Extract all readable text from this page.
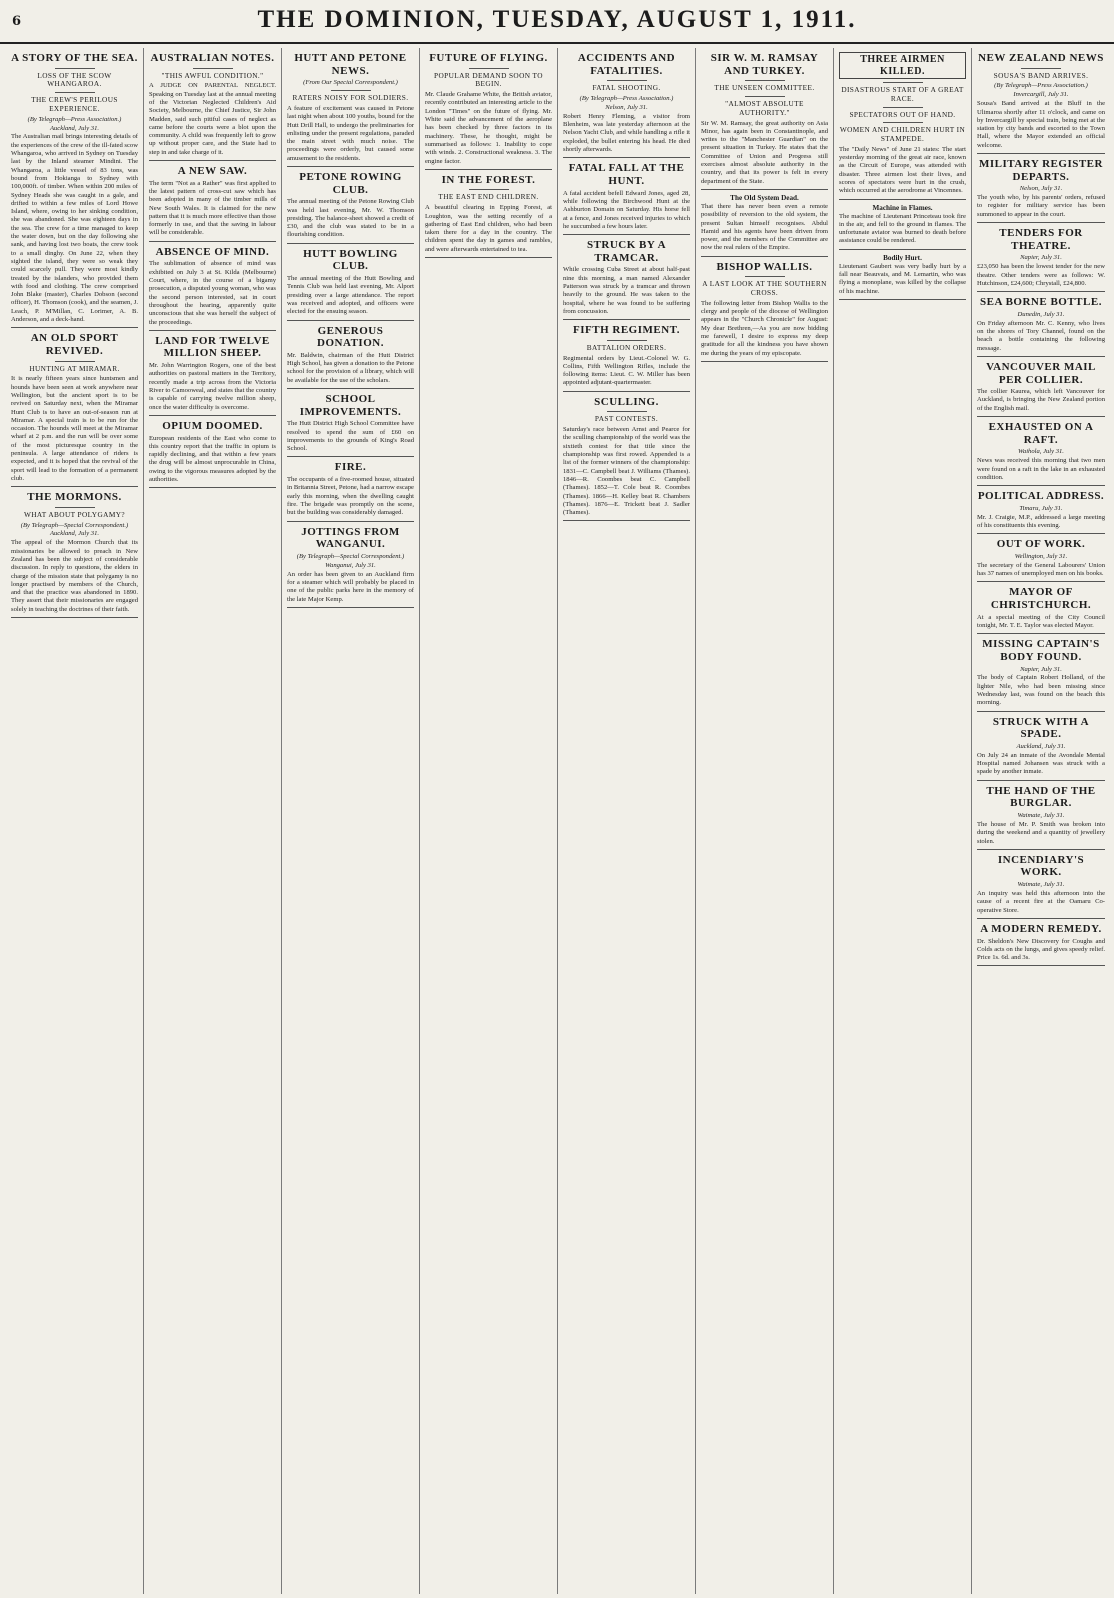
6	THE DOMINION, TUESDAY, AUGUST 1, 1911.
A STORY OF THE SEA.
LOSS OF THE SCOW WHANGAROA.
THE CREW'S PERILOUS EXPERIENCE.
(By Telegraph—Press Association.)
Auckland, July 31.
The Australian mail brings interesting details of the experiences of the crew of the ill-fated scow Whangaroa, who arrived in Sydney on Tuesday last by the Inland steamer Mindini. The Whangaroa, a little vessel of 83 tons, was bound from Hokianga to Sydney with 100,000ft. of timber. When within 200 miles of Sydney Heads she was caught in a gale, and drifted to within a few miles of Lord Howe Island, where, owing to her sinking condition, she was abandoned. She was eighteen days in the sea. The crew for a time managed to keep the water down, but on the day following she sank, and having lost two boats, the crew took to a small dinghy. On June 22, when they sighted the island, they were so weak they could scarcely pull. They were most kindly treated by the islanders, who provided them with food and clothing. The crew comprised John Blake (master), Charles Dobson (second officer), H. Thomson (cook), and the seamen, J. Leach, P. M'Millan, C. Lorimer, A. B. Anderson, and a deck-hand.
AN OLD SPORT REVIVED.
HUNTING AT MIRAMAR.
It is nearly fifteen years since huntsmen and hounds have been seen at work anywhere near Wellington, but the ancient sport is to be revived on Saturday next, when the Miramar Hunt Club is to have an out-of-season run at Miramar. A special train is to be run for the occasion. The hounds will meet at the Miramar wharf at 2 p.m. and the run will be over some of the most picturesque country in the peninsula. A large attendance of riders is expected, and it is hoped that the revival of the sport will lead to the formation of a permanent club.
THE MORMONS.
WHAT ABOUT POLYGAMY?
(By Telegraph—Special Correspondent.)
Auckland, July 31.
The appeal of the Mormon Church that its missionaries be allowed to preach in New Zealand has been the subject of considerable discussion. In reply to questions, the elders in charge of the mission state that polygamy is no longer practised by members of the Church, and that the practice was abandoned in 1890. They assert that their missionaries are engaged solely in teaching the doctrines of their faith.
AUSTRALIAN NOTES.
"THIS AWFUL CONDITION."
A JUDGE ON PARENTAL NEGLECT. Speaking on Tuesday last at the annual meeting of the Victorian Neglected Children's Aid Society, Melbourne, the Chief Justice, Sir John Madden, said such pitiful cases of neglect as came before the courts were a blot upon the community. A child was frequently left to grow up without proper care, and the State had to step in and take charge of it.
A NEW SAW.
The term "Not as a Rather" was first applied to the latest pattern of cross-cut saw which has been adopted in many of the timber mills of New South Wales. It is claimed for the new pattern that it is much more effective than those formerly in use, and that the saving in labour will be considerable.
ABSENCE OF MIND.
The sublimation of absence of mind was exhibited on July 3 at St. Kilda (Melbourne) Court, where, in the course of a bigamy prosecution, a disputed young woman, who was the second person interested, sat in court throughout the hearing, apparently quite unconscious that she was herself the subject of the proceedings.
LAND FOR TWELVE MILLION SHEEP.
Mr. John Warrington Rogers, one of the best authorities on pastoral matters in the Territory, recently made a trip across from the Victoria River to Camooweal, and states that the country is capable of carrying twelve million sheep, once the water difficulty is overcome.
OPIUM DOOMED.
European residents of the East who come to this country report that the traffic in opium is rapidly declining, and that within a few years the drug will be almost unprocurable in China, owing to the vigorous measures adopted by the authorities.
HUTT AND PETONE NEWS.
(From Our Special Correspondent.)
RATERS NOISY FOR SOLDIERS.
A feature of excitement was caused in Petone last night when about 100 youths, bound for the Hutt Drill Hall, to undergo the preliminaries for enlisting under the present regulations, paraded the main street with much noise. The proceedings were orderly, but caused some amusement to the residents.
PETONE ROWING CLUB.
The annual meeting of the Petone Rowing Club was held last evening, Mr. W. Thomson presiding. The balance-sheet showed a credit of £30, and the club was stated to be in a flourishing condition.
HUTT BOWLING CLUB.
The annual meeting of the Hutt Bowling and Tennis Club was held last evening, Mr. Alport presiding over a large attendance. The report was received and adopted, and officers were elected for the ensuing season.
GENEROUS DONATION.
Mr. Baldwin, chairman of the Hutt District High School, has given a donation to the Petone school for the provision of a library, which will be available for the use of the scholars.
SCHOOL IMPROVEMENTS.
The Hutt District High School Committee have resolved to spend the sum of £60 on improvements to the grounds of King's Road School.
FIRE.
The occupants of a five-roomed house, situated in Britannia Street, Petone, had a narrow escape early this morning, when the dwelling caught fire. The brigade was promptly on the scene, but the building was considerably damaged.
JOTTINGS FROM WANGANUI.
(By Telegraph—Special Correspondent.)
Wanganui, July 31.
An order has been given to an Auckland firm for a steamer which will probably be placed in one of the public parks here in the memory of the late Major Kemp.
FUTURE OF FLYING.
POPULAR DEMAND SOON TO BEGIN.
Mr. Claude Grahame White, the British aviator, recently contributed an interesting article to the London "Times" on the future of flying. Mr. White said the advancement of the aeroplane has been checked by three factors in its machinery. These, he thought, might be summarised as follows: 1. Inability to cope with winds. 2. Constructional weakness. 3. The engine factor.
IN THE FOREST.
THE EAST END CHILDREN.
A beautiful clearing in Epping Forest, at Loughton, was the setting recently of a gathering of East End children, who had been taken there for a day in the country. The children spent the day in games and rambles, and were afterwards entertained to tea.
ACCIDENTS AND FATALITIES.
FATAL SHOOTING.
(By Telegraph—Press Association.)
Nelson, July 31.
Robert Henry Fleming, a visitor from Blenheim, was late yesterday afternoon at the Nelson Yacht Club, and while handling a rifle it exploded, the bullet entering his head. He died shortly afterwards.
FATAL FALL AT THE HUNT.
A fatal accident befell Edward Jones, aged 28, while following the Birchwood Hunt at the Ashburton Domain on Saturday. His horse fell at a fence, and Jones received injuries to which he succumbed a few hours later.
STRUCK BY A TRAMCAR.
While crossing Cuba Street at about half-past nine this morning, a man named Alexander Patterson was struck by a tramcar and thrown heavily to the ground. He was taken to the hospital, where he was found to be suffering from concussion.
FIFTH REGIMENT.
BATTALION ORDERS.
Regimental orders by Lieut.-Colonel W. G. Collins, Fifth Wellington Rifles, include the following items: Lieut. C. W. Miller has been appointed adjutant-quartermaster.
SCULLING.
PAST CONTESTS.
Saturday's race between Arnst and Pearce for the sculling championship of the world was the sixtieth contest for that title since the championship was first rowed. Appended is a list of the former winners of the championship: 1831—C. Campbell beat J. Williams (Thames). 1846—R. Coombes beat C. Campbell (Thames). 1852—T. Cole beat R. Coombes (Thames). 1866—H. Kelley beat R. Chambers (Thames). 1876—E. Trickett beat J. Sadler (Thames).
SIR W. M. RAMSAY AND TURKEY.
THE UNSEEN COMMITTEE.
"ALMOST ABSOLUTE AUTHORITY."
Sir W. M. Ramsay, the great authority on Asia Minor, has again been in Constantinople, and writes to the "Manchester Guardian" on the present situation in Turkey. He states that the Committee of Union and Progress still exercises almost absolute authority in the country, and that its power is felt in every department of the State.
The Old System Dead.
That there has never been even a remote possibility of reversion to the old system, the present Sultan himself recognises. Abdul Hamid and his agents have been driven from power, and the members of the Committee are now the real rulers of the Empire.
BISHOP WALLIS.
A LAST LOOK AT THE SOUTHERN CROSS.
The following letter from Bishop Wallis to the clergy and people of the diocese of Wellington appears in the "Church Chronicle" for August: My dear Brethren,—As you are now bidding me farewell, I desire to express my deep gratitude for all the kindness you have shown me during the years of my episcopate.
THREE AIRMEN KILLED.
DISASTROUS START OF A GREAT RACE.
SPECTATORS OUT OF HAND.
WOMEN AND CHILDREN HURT IN STAMPEDE.
The "Daily News" of June 21 states: The start yesterday morning of the great air race, known as the Circuit of Europe, was attended with disaster. Three airmen lost their lives, and scores of spectators were hurt in the crush, which occurred at the aerodrome at Vincennes.
Machine in Flames.
The machine of Lieutenant Princeteau took fire in the air, and fell to the ground in flames. The unfortunate aviator was burned to death before assistance could be rendered.
Bodily Hurt.
Lieutenant Gaubert was very badly hurt by a fall near Beauvais, and M. Lemartin, who was flying a monoplane, was killed by the collapse of his machine.
NEW ZEALAND NEWS
SOUSA'S BAND ARRIVES.
(By Telegraph—Press Association.)
Invercargill, July 31.
Sousa's Band arrived at the Bluff in the Ulimaroa shortly after 11 o'clock, and came on by Invercargill by special train, being met at the station by city bands and escorted to the Town Hall, where the Mayor extended an official welcome.
MILITARY REGISTER DEPARTS.
Nelson, July 31.
The youth who, by his parents' orders, refused to register for military service has been summoned to appear in the court.
TENDERS FOR THEATRE.
Napier, July 31.
£23,050 has been the lowest tender for the new theatre. Other tenders were as follows: W. Hutchinson, £24,600; Chrystall, £24,800.
SEA BORNE BOTTLE.
Dunedin, July 31.
On Friday afternoon Mr. C. Kenny, who lives on the shores of Tory Channel, found on the beach a bottle containing the following message.
VANCOUVER MAIL PER COLLIER.
The collier Kaurea, which left Vancouver for Auckland, is bringing the New Zealand portion of the English mail.
EXHAUSTED ON A RAFT.
Waihola, July 31.
News was received this morning that two men were found on a raft in the lake in an exhausted condition.
POLITICAL ADDRESS.
Timaru, July 31.
Mr. J. Craigie, M.P., addressed a large meeting of his constituents this evening.
OUT OF WORK.
Wellington, July 31.
The secretary of the General Labourers' Union has 37 names of unemployed men on his books.
MAYOR OF CHRISTCHURCH.
At a special meeting of the City Council tonight, Mr. T. E. Taylor was elected Mayor.
MISSING CAPTAIN'S BODY FOUND.
Napier, July 31.
The body of Captain Robert Holland, of the lighter Nile, who had been missing since Wednesday last, was found on the beach this morning.
STRUCK WITH A SPADE.
Auckland, July 31.
On July 24 an inmate of the Avondale Mental Hospital named Johansen was struck with a spade by another inmate.
THE HAND OF THE BURGLAR.
Waimate, July 31.
The house of Mr. P. Smith was broken into during the weekend and a quantity of jewellery stolen.
INCENDIARY'S WORK.
Waimate, July 31.
An inquiry was held this afternoon into the cause of a recent fire at the Oamaru Co-operative Store.
A MODERN REMEDY.
Dr. Sheldon's New Discovery for Coughs and Colds acts on the lungs, and gives speedy relief. Price 1s. 6d. and 3s.
